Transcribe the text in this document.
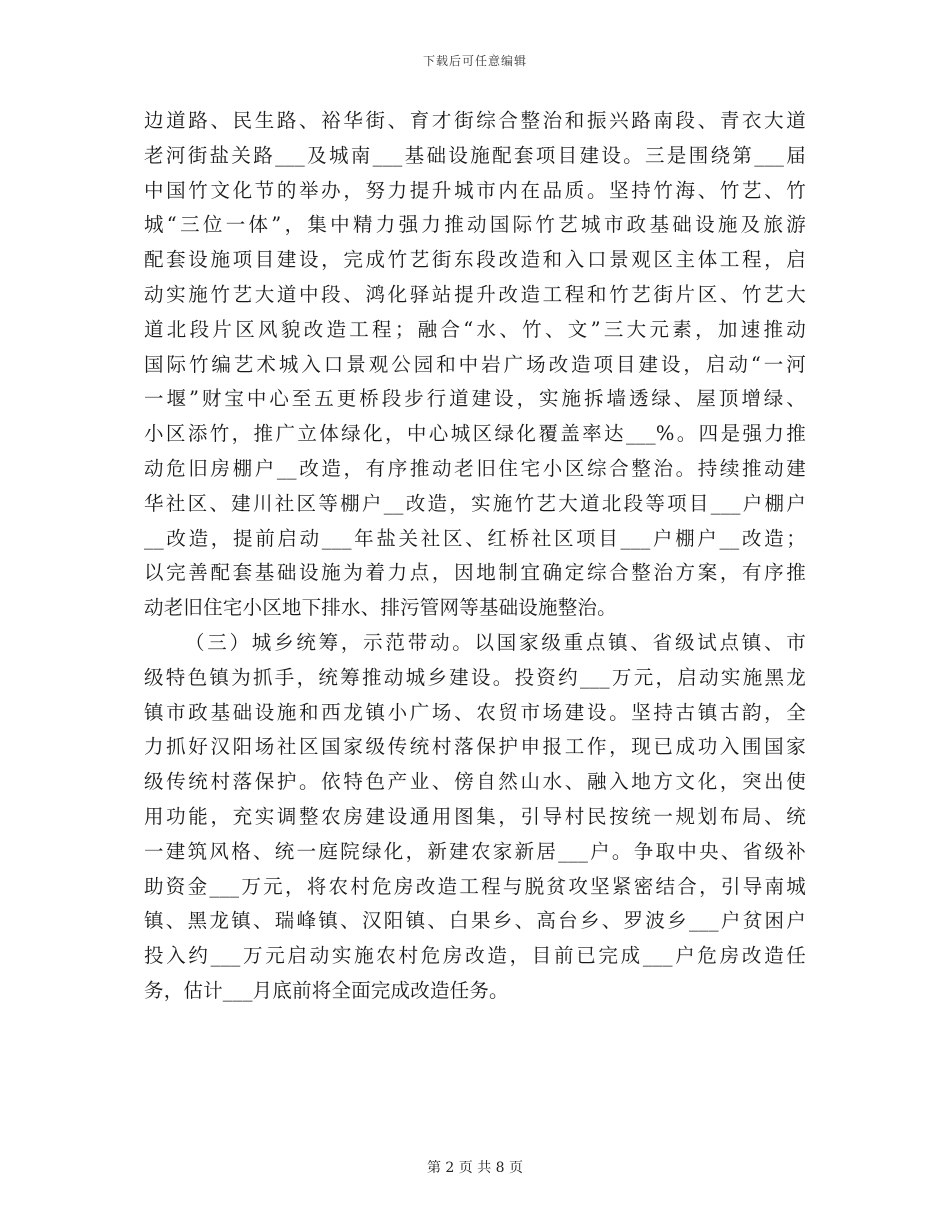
下载后可任意编辑
边道路、民生路、裕华街、育才街综合整治和振兴路南段、青衣大道
老河街盐关路___及城南___基础设施配套项目建设。三是围绕第___届
中国竹文化节的举办，努力提升城市内在品质。坚持竹海、竹艺、竹
城“三位一体”，集中精力强力推动国际竹艺城市政基础设施及旅游
配套设施项目建设，完成竹艺街东段改造和入口景观区主体工程，启
动实施竹艺大道中段、鸿化驿站提升改造工程和竹艺街片区、竹艺大
道北段片区风貌改造工程；融合“水、竹、文”三大元素，加速推动
国际竹编艺术城入口景观公园和中岩广场改造项目建设，启动“一河
一堰”财宝中心至五更桥段步行道建设，实施拆墙透绿、屋顶增绿、
小区添竹，推广立体绿化，中心城区绿化覆盖率达___%。四是强力推
动危旧房棚户__改造，有序推动老旧住宅小区综合整治。持续推动建
华社区、建川社区等棚户__改造，实施竹艺大道北段等项目___户棚户
__改造，提前启动___年盐关社区、红桥社区项目___户棚户__改造；
以完善配套基础设施为着力点，因地制宜确定综合整治方案，有序推
动老旧住宅小区地下排水、排污管网等基础设施整治。
（三）城乡统筹，示范带动。以国家级重点镇、省级试点镇、市
级特色镇为抓手，统筹推动城乡建设。投资约___万元，启动实施黑龙
镇市政基础设施和西龙镇小广场、农贸市场建设。坚持古镇古韵，全
力抓好汉阳场社区国家级传统村落保护申报工作，现已成功入围国家
级传统村落保护。依特色产业、傍自然山水、融入地方文化，突出使
用功能，充实调整农房建设通用图集，引导村民按统一规划布局、统
一建筑风格、统一庭院绿化，新建农家新居___户。争取中央、省级补
助资金___万元，将农村危房改造工程与脱贫攻坚紧密结合，引导南城
镇、黑龙镇、瑞峰镇、汉阳镇、白果乡、高台乡、罗波乡___户贫困户
投入约___万元启动实施农村危房改造，目前已完成___户危房改造任
务，估计___月底前将全面完成改造任务。
第 2 页 共 8 页
